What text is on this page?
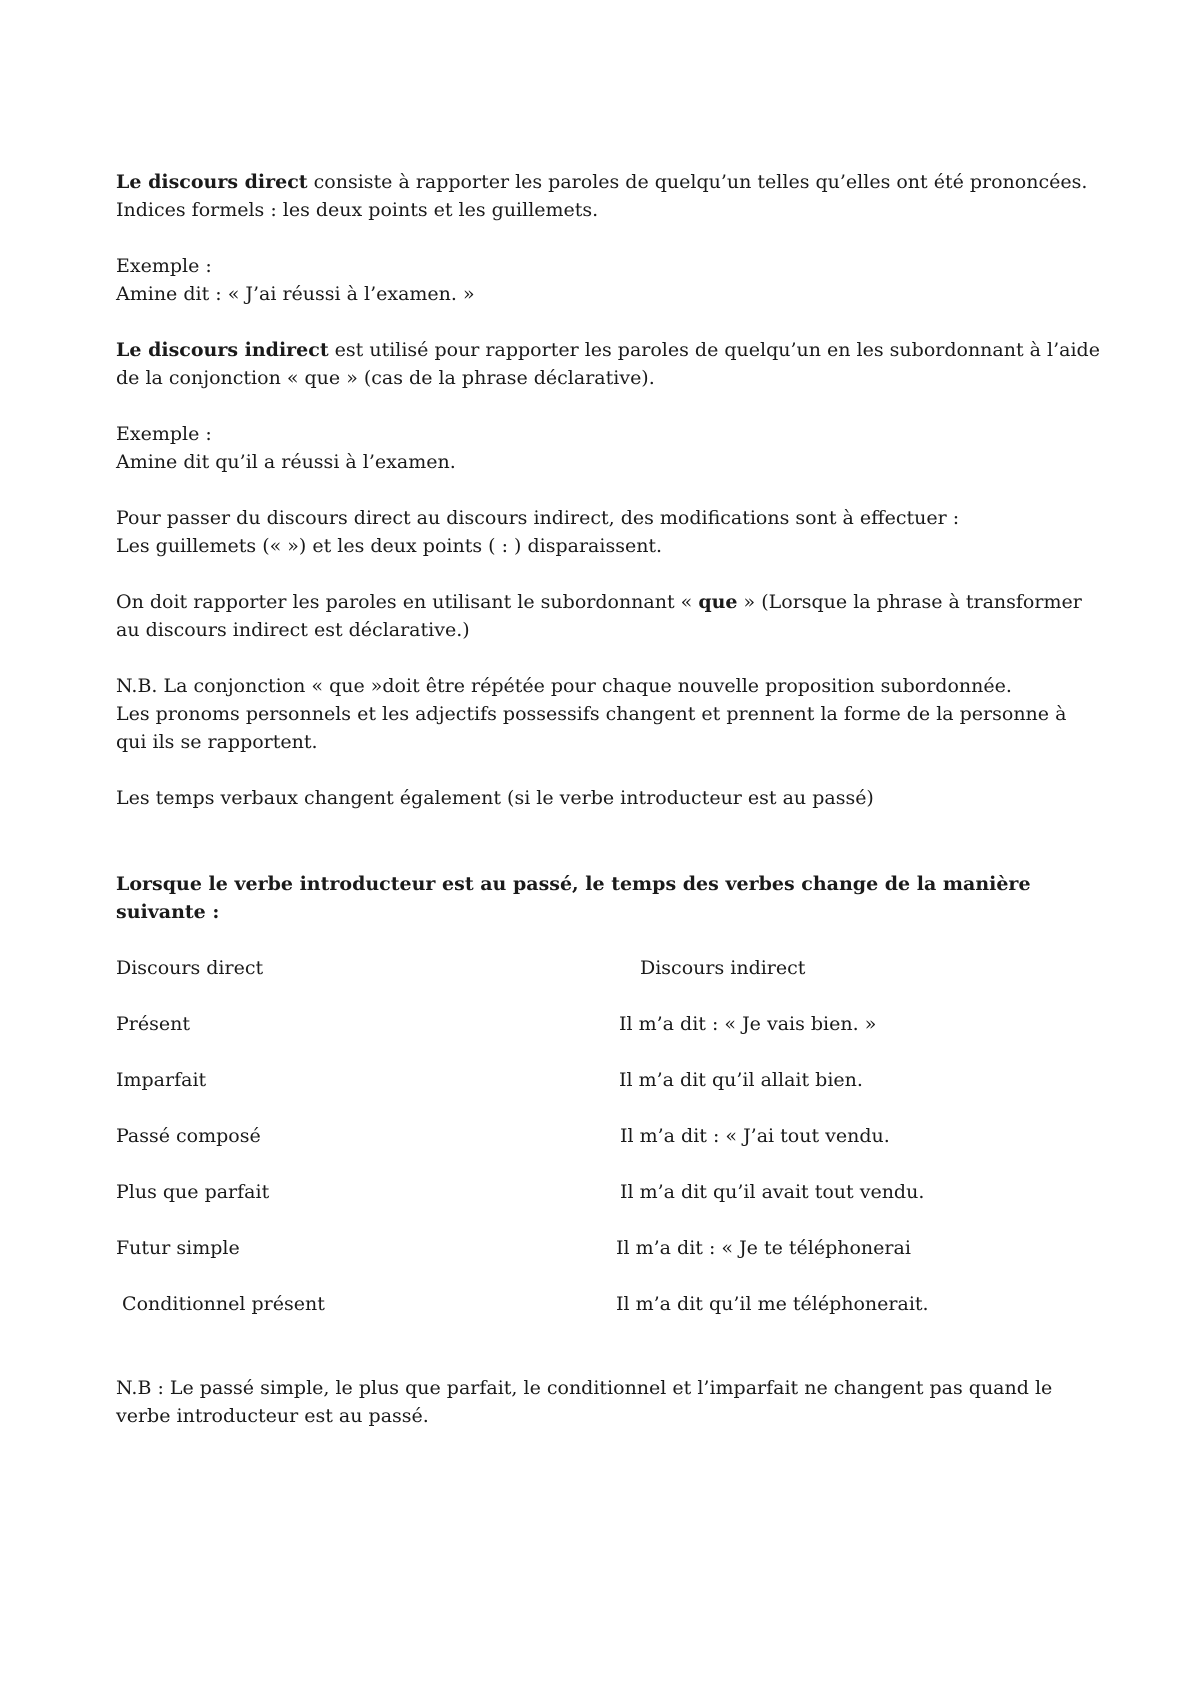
Le discours direct consiste à rapporter les paroles de quelqu’un telles qu’elles ont été prononcées.
Indices formels : les deux points et les guillemets.
Exemple :
Amine dit : « J’ai réussi à l’examen. »
Le discours indirect est utilisé pour rapporter les paroles de quelqu’un en les subordonnant à l’aide
de la conjonction « que » (cas de la phrase déclarative).
Exemple :
Amine dit qu’il a réussi à l’examen.
Pour passer du discours direct au discours indirect, des modifications sont à effectuer :
Les guillemets (« ») et les deux points ( : ) disparaissent.
On doit rapporter les paroles en utilisant le subordonnant « que » (Lorsque la phrase à transformer
au discours indirect est déclarative.)
N.B. La conjonction « que »doit être répétée pour chaque nouvelle proposition subordonnée.
Les pronoms personnels et les adjectifs possessifs changent et prennent la forme de la personne à
qui ils se rapportent.
Les temps verbaux changent également (si le verbe introducteur est au passé)
Lorsque le verbe introducteur est au passé, le temps des verbes change de la manière
suivante :
Discours direct	Discours indirect
Présent	Il m’a dit : « Je vais bien. »
Imparfait	Il m’a dit qu’il allait bien.
Passé composé	Il m’a dit : « J’ai tout vendu.
Plus que parfait	Il m’a dit qu’il avait tout vendu.
Futur simple	Il m’a dit : « Je te téléphonerai
Conditionnel présent	Il m’a dit qu’il me téléphonerait.
N.B : Le passé simple, le plus que parfait, le conditionnel et l’imparfait ne changent pas quand le
verbe introducteur est au passé.
